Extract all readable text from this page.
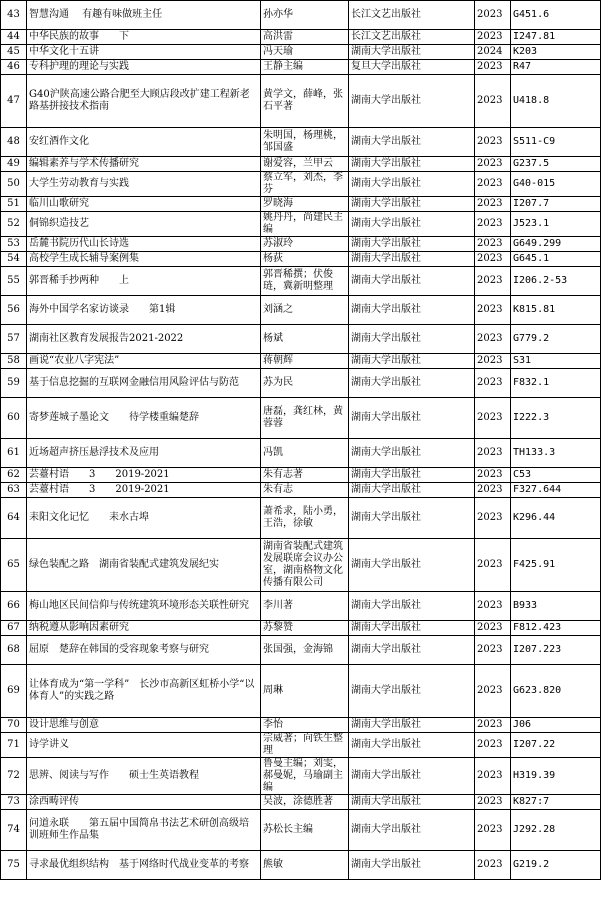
43	智慧沟通　 有趣有味做班主任	孙亦华	长江文艺出版社	2023	G451.6
44	中华民族的故事　　下	高洪雷	长江文艺出版社	2023	I247.81
45	中华文化十五讲	冯天瑜	湖南大学出版社	2024	K203
46	专科护理的理论与实践	王静主编	复旦大学出版社	2023	R47
47	G40沪陕高速公路合肥至大顾店段改扩建工程新老路基拼接技术指南	黄学文，薛峰，张石平著	湖南大学出版社	2023	U418.8
48	安红酒作文化	朱明国，杨理桃，邹国盛	湖南大学出版社	2023	S511-C9
49	编辑素养与学术传播研究	谢爱容，兰甲云	湖南大学出版社	2023	G237.5
50	大学生劳动教育与实践	蔡立军，刘杰，李芬	湖南大学出版社	2023	G40-015
51	临川山歌研究	罗晓海	湖南大学出版社	2023	I207.7
52	侗锦织造技艺	姚丹丹，尚建民主编	湖南大学出版社	2023	J523.1
53	岳麓书院历代山长诗选	苏淑玲	湖南大学出版社	2023	G649.299
54	高校学生成长辅导案例集	杨荻	湖南大学出版社	2023	G645.1
55	郭晋稀手抄两种　　上	郭晋稀撰；伏俊琏，冀新明整理	湖南大学出版社	2023	I206.2-53
56	海外中国学名家访谈录　　第1辑	刘涵之	湖南大学出版社	2023	K815.81
57	湖南社区教育发展报告2021-2022	杨斌	湖南大学出版社	2023	G779.2
58	画说“农业八字宪法”	蒋朝辉	湖南大学出版社	2023	S31
59	基于信息挖掘的互联网金融信用风险评估与防范	苏为民	湖南大学出版社	2023	F832.1
60	寄梦莲城子墨论文　　待学楼重编楚辞	唐磊，龚红林，黄蓉蓉	湖南大学出版社	2023	I222.3
61	近场超声挤压悬浮技术及应用	冯凯	湖南大学出版社	2023	TH133.3
62	芸薹村语　　3　　2019-2021	朱有志著	湖南大学出版社	2023	C53
63	芸薹村语　　3　　2019-2021	朱有志	湖南大学出版社	2023	F327.644
64	耒阳文化记忆　　耒水古埠	萧希求，陆小勇，王浩，徐敏	湖南大学出版社	2023	K296.44
65	绿色装配之路　湖南省装配式建筑发展纪实	湖南省装配式建筑发展联席会议办公室，湖南格物文化传播有限公司	湖南大学出版社	2023	F425.91
66	梅山地区民间信仰与传统建筑环境形态关联性研究	李川著	湖南大学出版社	2023	B933
67	纳税遵从影响因素研究	苏黎赞	湖南大学出版社	2023	F812.423
68	屈原　楚辞在韩国的受容现象考察与研究	张国强，金海锦	湖南大学出版社	2023	I207.223
69	让体育成为“第一学科”　长沙市高新区虹桥小学“以体育人”的实践之路	周琳	湖南大学出版社	2023	G623.820
70	设计思维与创意	李怡	湖南大学出版社	2023	J06
71	诗学讲义	宗威著；向铁生整理	湖南大学出版社	2023	I207.22
72	思辨、阅读与写作　　硕士生英语教程	鲁曼主编；刘雯，郝曼妮，马瑜副主编	湖南大学出版社	2023	H319.39
73	涂西畴评传	吴波，涂德胜著	湖南大学出版社	2023	K827:7
74	问道永联　　第五届中国简帛书法艺术研创高级培训班师生作品集	苏松长主编	湖南大学出版社	2023	J292.28
75	寻求最优组织结构　基于网络时代战业变革的考察	熊敏	湖南大学出版社	2023	G219.2
